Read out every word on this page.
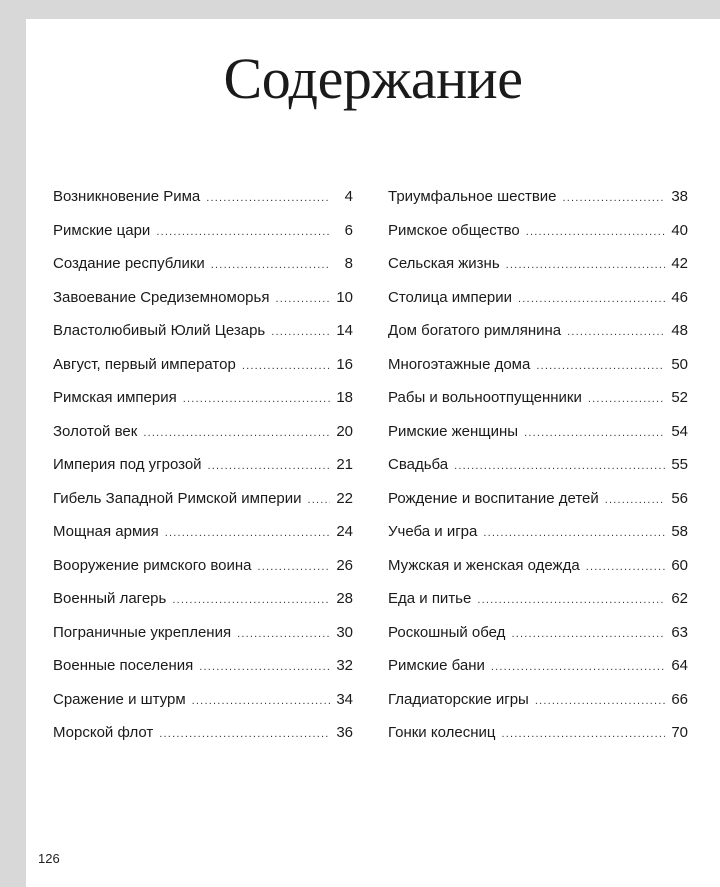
Содержание
Возникновение Рима .....	4
Римские цари .....	6
Создание республики .....	8
Завоевание Средиземноморья .....	10
Властолюбивый Юлий Цезарь .....	14
Август, первый император .....	16
Римская империя .....	18
Золотой век .....	20
Империя под угрозой .....	21
Гибель Западной Римской империи ..... 22
Мощная армия .....	24
Вооружение римского воина .....	26
Военный лагерь .....	28
Пограничные укрепления .....	30
Военные поселения .....	32
Сражение и штурм .....	34
Морской флот .....	36
Триумфальное шествие .....	38
Римское общество .....	40
Сельская жизнь .....	42
Столица империи .....	46
Дом богатого римлянина .....	48
Многоэтажные дома .....	50
Рабы и вольноотпущенники .....	52
Римские женщины .....	54
Свадьба .....	55
Рождение и воспитание детей .....	56
Учеба и игра .....	58
Мужская и женская одежда .....	60
Еда и питье .....	62
Роскошный обед .....	63
Римские бани .....	64
Гладиаторские игры .....	66
Гонки колесниц .....	70
126
